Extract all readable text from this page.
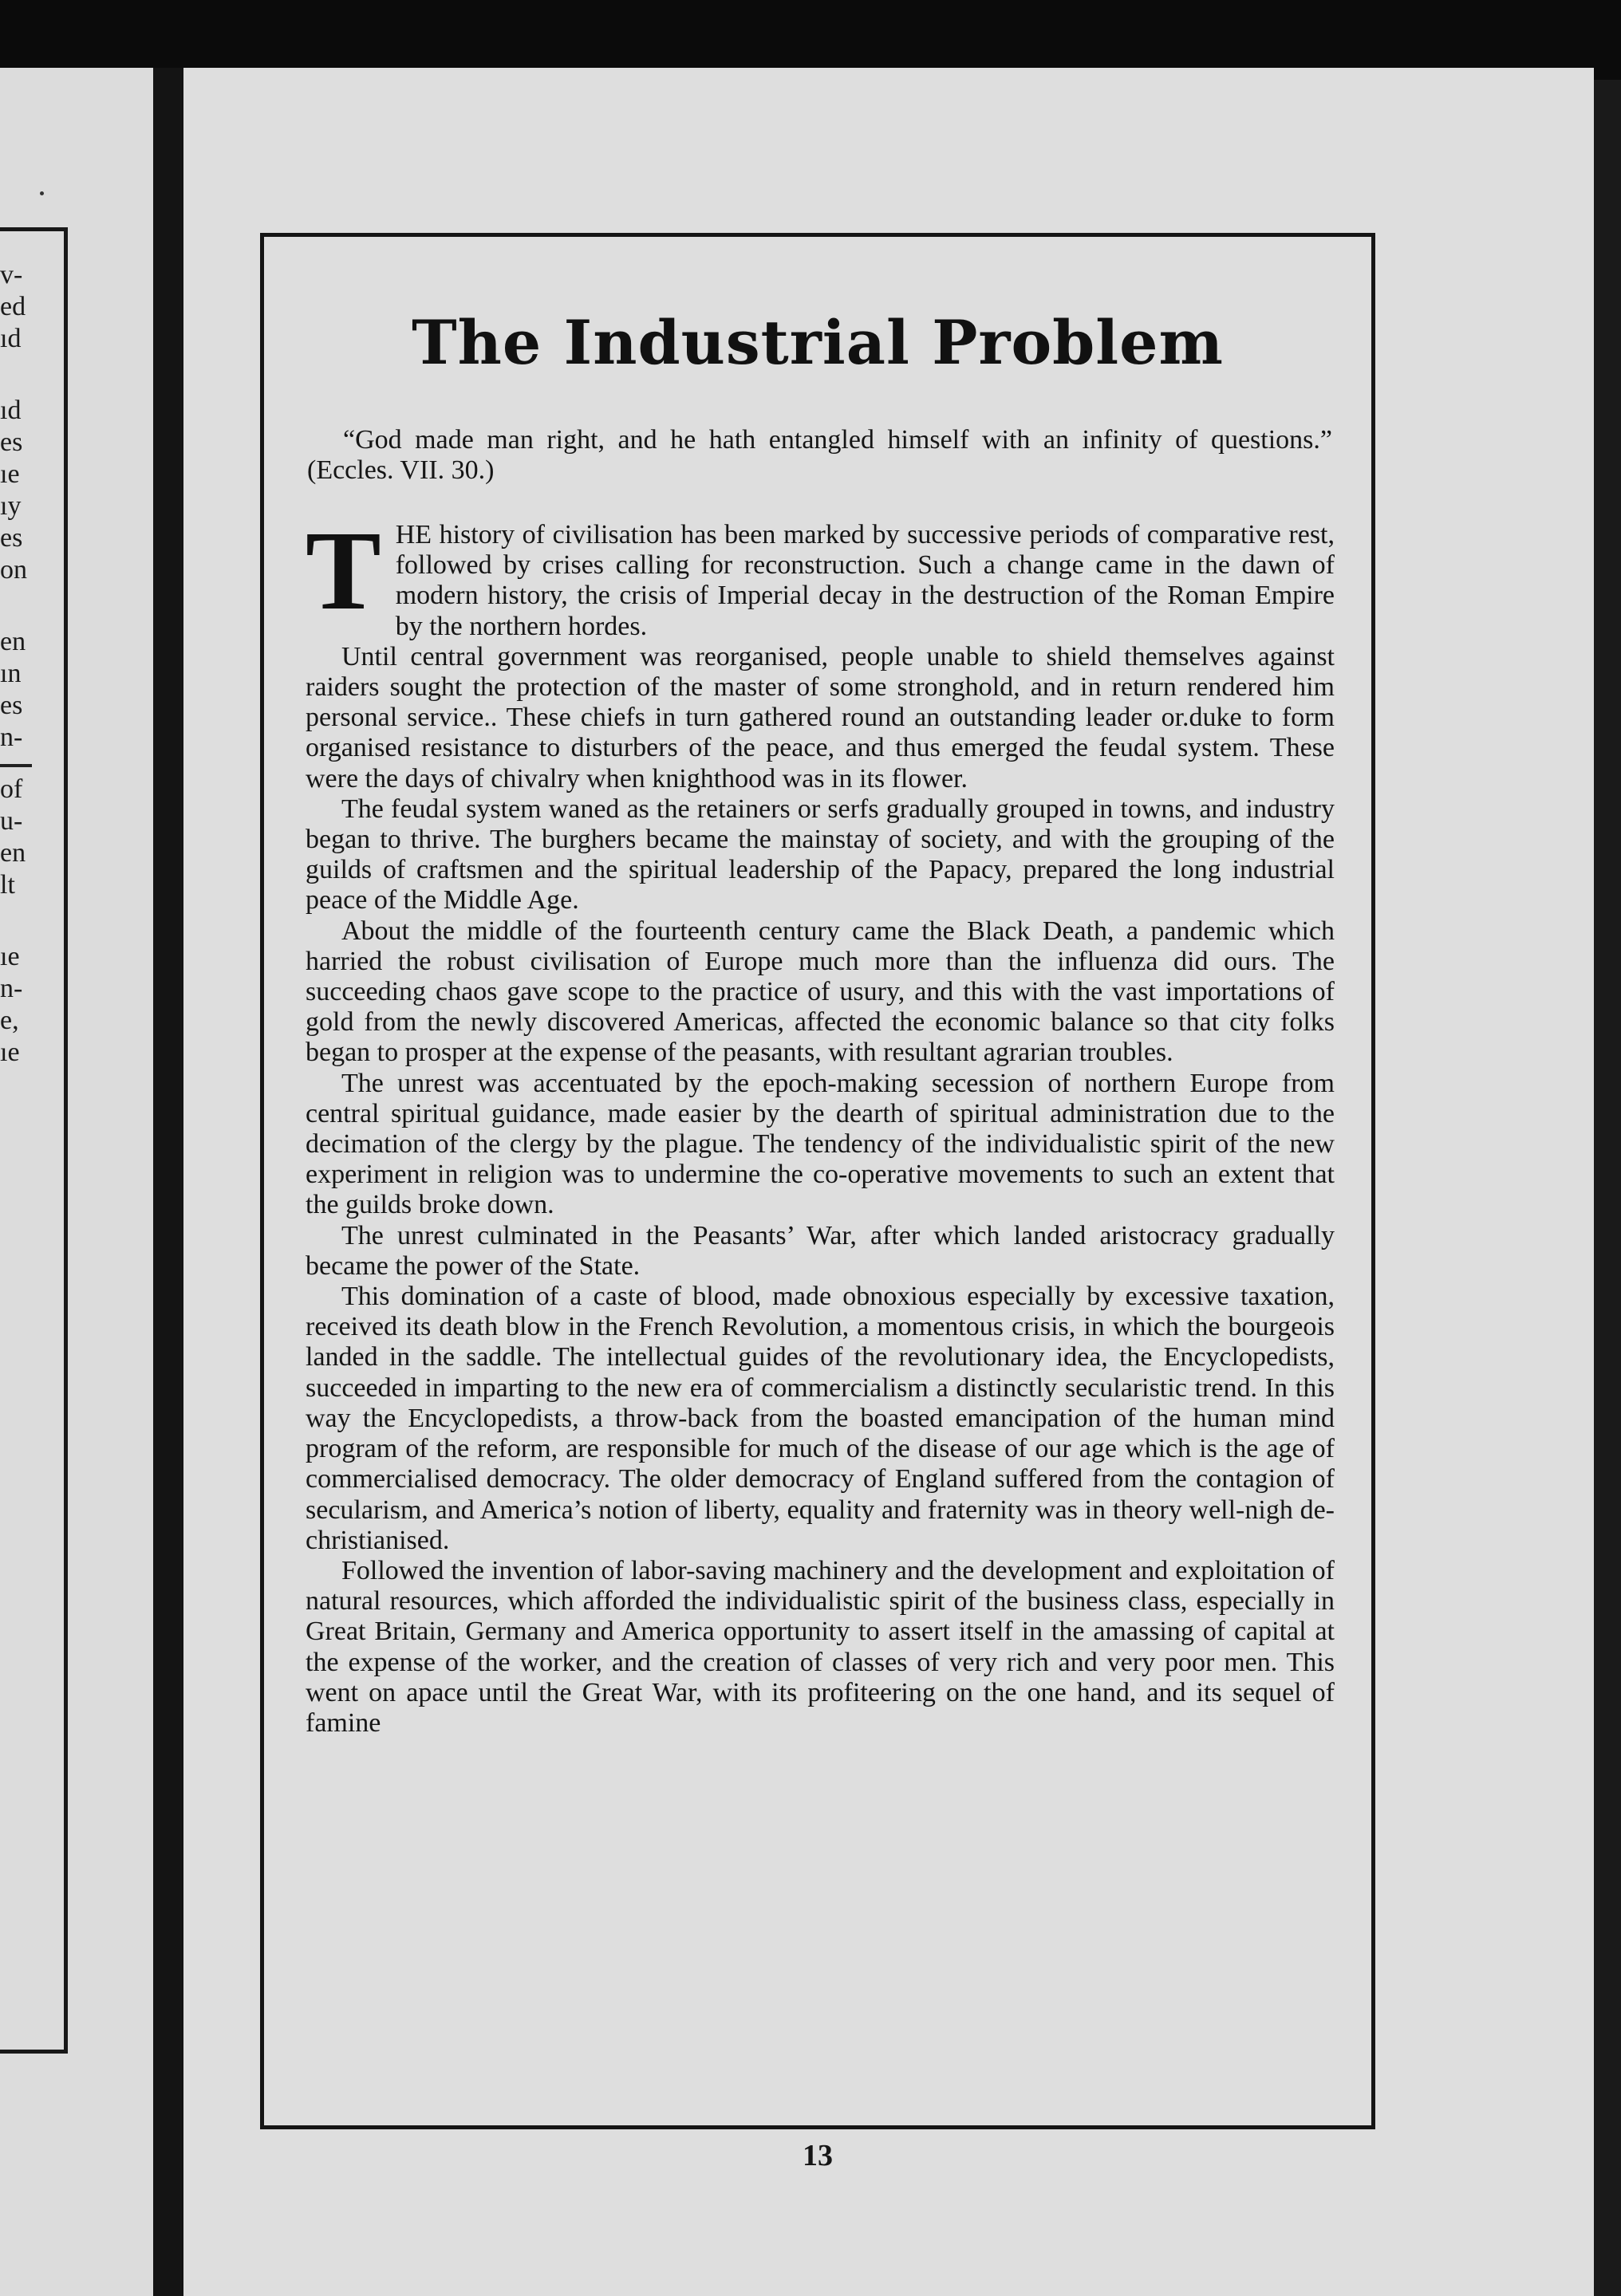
v-
ed
ıd
ıd
es
ıe
ıy
es
on
en
ın
es
n-
of
u-
en
lt
ıe
n-
e,
ıe
The Industrial Problem
“God made man right, and he hath entangled himself with an infinity of questions.” (Eccles. VII. 30.)

THE history of civilisation has been marked by successive periods of comparative rest, followed by crises calling for reconstruction. Such a change came in the dawn of modern history, the crisis of Imperial decay in the destruction of the Roman Empire by the northern hordes.

Until central government was reorganised, people unable to shield themselves against raiders sought the protection of the master of some stronghold, and in return rendered him personal service.. These chiefs in turn gathered round an outstanding leader or.duke to form organised resistance to disturbers of the peace, and thus emerged the feudal system. These were the days of chivalry when knighthood was in its flower.

The feudal system waned as the retainers or serfs gradually grouped in towns, and industry began to thrive. The burghers became the mainstay of society, and with the grouping of the guilds of craftsmen and the spiritual leadership of the Papacy, prepared the long industrial peace of the Middle Age.

About the middle of the fourteenth century came the Black Death, a pandemic which harried the robust civilisation of Europe much more than the influenza did ours. The succeeding chaos gave scope to the practice of usury, and this with the vast importations of gold from the newly discovered Americas, affected the economic balance so that city folks began to prosper at the expense of the peasants, with resultant agrarian troubles.

The unrest was accentuated by the epoch-making secession of northern Europe from central spiritual guidance, made easier by the dearth of spiritual administration due to the decimation of the clergy by the plague. The tendency of the individualistic spirit of the new experiment in religion was to undermine the co-operative movements to such an extent that the guilds broke down.

The unrest culminated in the Peasants’ War, after which landed aristocracy gradually became the power of the State.

This domination of a caste of blood, made obnoxious especially by excessive taxation, received its death blow in the French Revolution, a momentous crisis, in which the bourgeois landed in the saddle. The intellectual guides of the revolutionary idea, the Encyclopedists, succeeded in imparting to the new era of commercialism a distinctly secularistic trend. In this way the Encyclopedists, a throw-back from the boasted emancipation of the human mind program of the reform, are responsible for much of the disease of our age which is the age of commercialised democracy. The older democracy of England suffered from the contagion of secularism, and America’s notion of liberty, equality and fraternity was in theory well-nigh de-christianised.

Followed the invention of labor-saving machinery and the development and exploitation of natural resources, which afforded the individualistic spirit of the business class, especially in Great Britain, Germany and America opportunity to assert itself in the amassing of capital at the expense of the worker, and the creation of classes of very rich and very poor men. This went on apace until the Great War, with its profiteering on the one hand, and its sequel of famine

13
